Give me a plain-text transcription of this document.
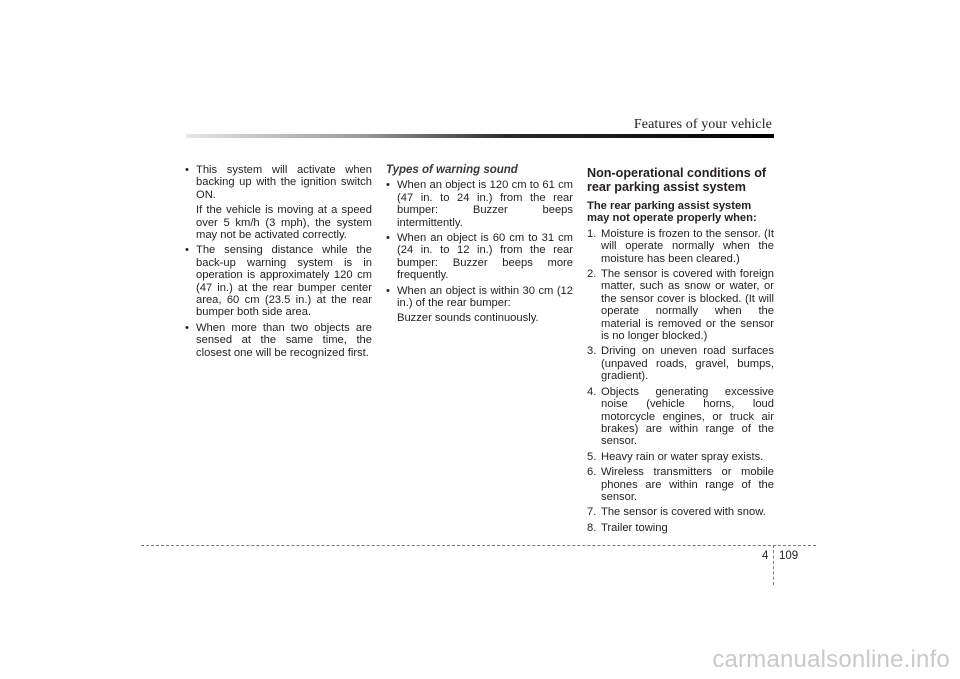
Features of your vehicle
• This system will activate when backing up with the ignition switch ON.
If the vehicle is moving at a speed over 5 km/h (3 mph), the system may not be activated correctly.
• The sensing distance while the back-up warning system is in operation is approximately 120 cm (47 in.) at the rear bumper center area, 60 cm (23.5 in.) at the rear bumper both side area.
• When more than two objects are sensed at the same time, the closest one will be recognized first.
Types of warning sound
• When an object is 120 cm to 61 cm (47 in. to 24 in.) from the rear bumper: Buzzer beeps intermittently.
• When an object is 60 cm to 31 cm (24 in. to 12 in.) from the rear bumper: Buzzer beeps more frequently.
• When an object is within 30 cm (12 in.) of the rear bumper:
Buzzer sounds continuously.
Non-operational conditions of rear parking assist system
The rear parking assist system may not operate properly when:
1. Moisture is frozen to the sensor. (It will operate normally when the moisture has been cleared.)
2. The sensor is covered with foreign matter, such as snow or water, or the sensor cover is blocked. (It will operate normally when the material is removed or the sensor is no longer blocked.)
3. Driving on uneven road surfaces (unpaved roads, gravel, bumps, gradient).
4. Objects generating excessive noise (vehicle horns, loud motorcycle engines, or truck air brakes) are within range of the sensor.
5. Heavy rain or water spray exists.
6. Wireless transmitters or mobile phones are within range of the sensor.
7. The sensor is covered with snow.
8. Trailer towing
4 109
carmanualsonline.info
